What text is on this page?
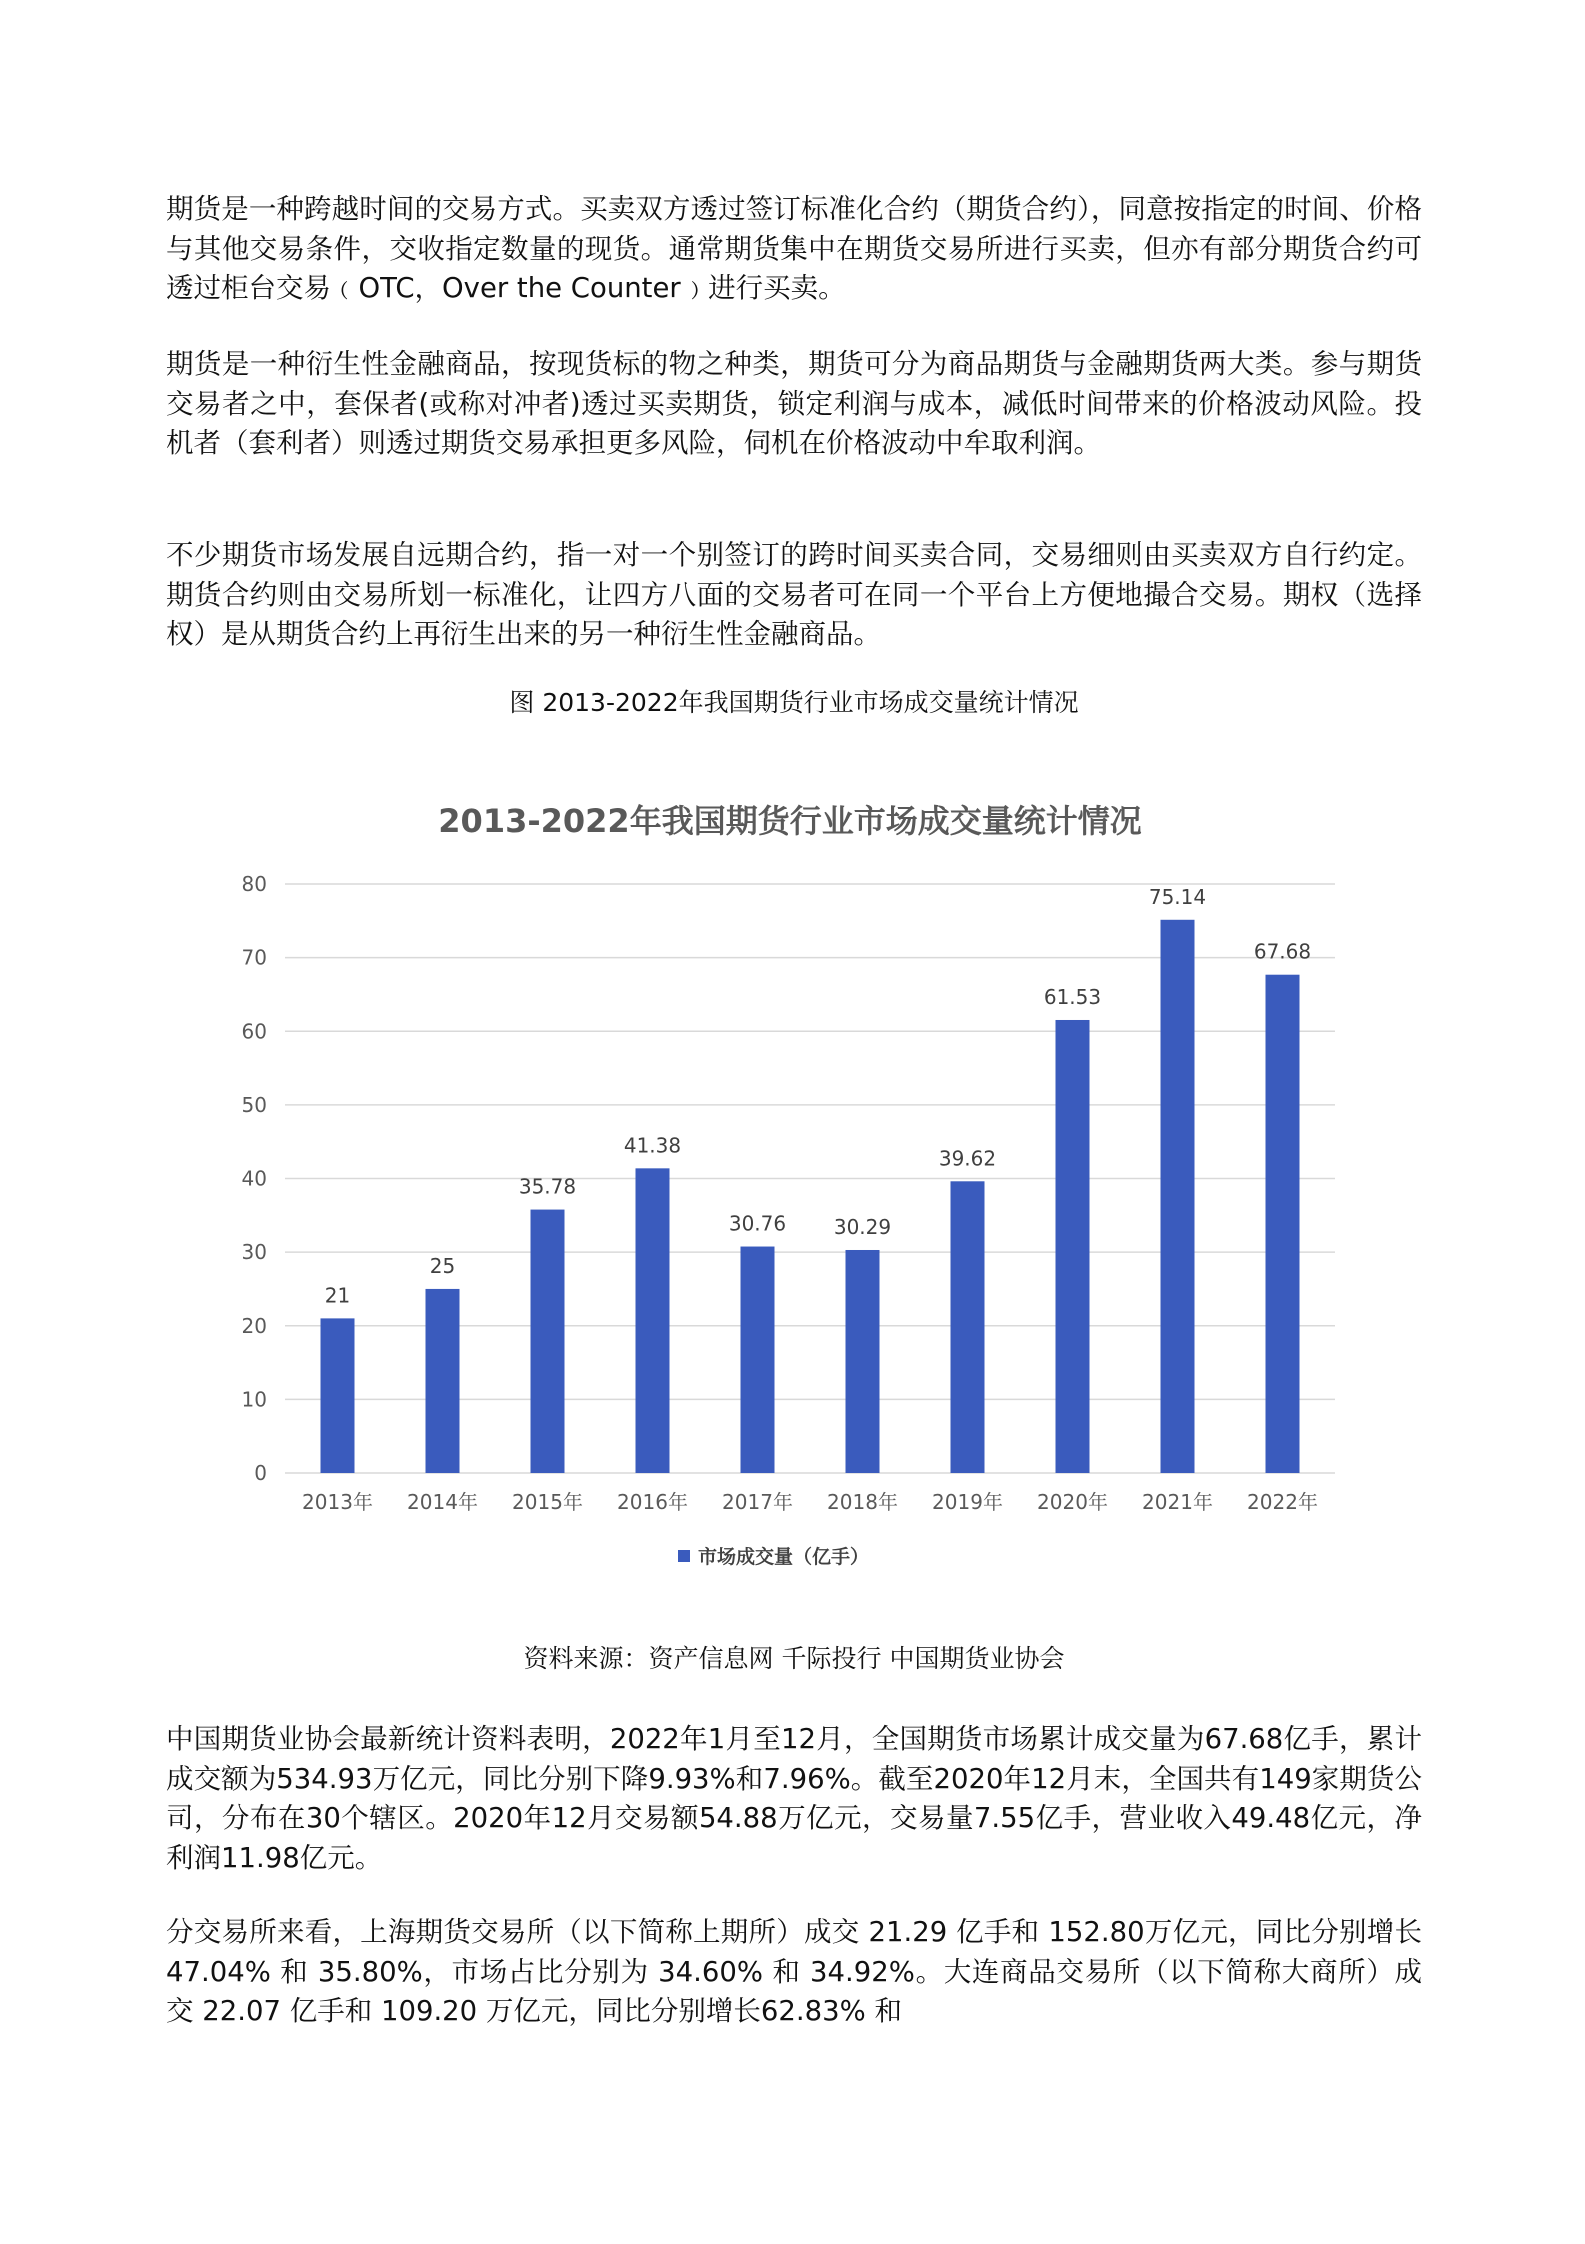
期货是一种跨越时间的交易方式。买卖双方透过签订标准化合约（期货合约），同意按指定的时间、价格与其他交易条件，交收指定数量的现货。通常期货集中在期货交易所进行买卖，但亦有部分期货合约可透过柜台交易﹙OTC，Over the Counter﹚进行买卖。

期货是一种衍生性金融商品，按现货标的物之种类，期货可分为商品期货与金融期货两大类。参与期货交易者之中，套保者(或称对冲者)透过买卖期货，锁定利润与成本，减低时间带来的价格波动风险。投机者（套利者）则透过期货交易承担更多风险，伺机在价格波动中牟取利润。

不少期货市场发展自远期合约，指一对一个别签订的跨时间买卖合同，交易细则由买卖双方自行约定。期货合约则由交易所划一标准化，让四方八面的交易者可在同一个平台上方便地撮合交易。期权（选择权）是从期货合约上再衍生出来的另一种衍生性金融商品。

图 2013-2022年我国期货行业市场成交量统计情况

2013-2022年我国期货行业市场成交量统计情况
0
10
20
30
40
50
60
70
80
21
25
35.78
41.38
30.76 30.29
39.62
61.53
75.14
67.68
2013年 2014年 2015年 2016年 2017年 2018年 2019年 2020年 2021年 2022年
市场成交量（亿手）

资料来源：资产信息网 千际投行 中国期货业协会

中国期货业协会最新统计资料表明，2022年1月至12月，全国期货市场累计成交量为67.68亿手，累计成交额为534.93万亿元，同比分别下降9.93%和7.96%。截至2020年12月末，全国共有149家期货公司，分布在30个辖区。2020年12月交易额54.88万亿元，交易量7.55亿手，营业收入49.48亿元，净利润11.98亿元。

分交易所来看，上海期货交易所（以下简称上期所）成交 21.29 亿手和 152.80万亿元，同比分别增长 47.04% 和 35.80%，市场占比分别为 34.60% 和 34.92%。大连商品交易所（以下简称大商所）成交 22.07 亿手和 109.20 万亿元，同比分别增长62.83% 和
